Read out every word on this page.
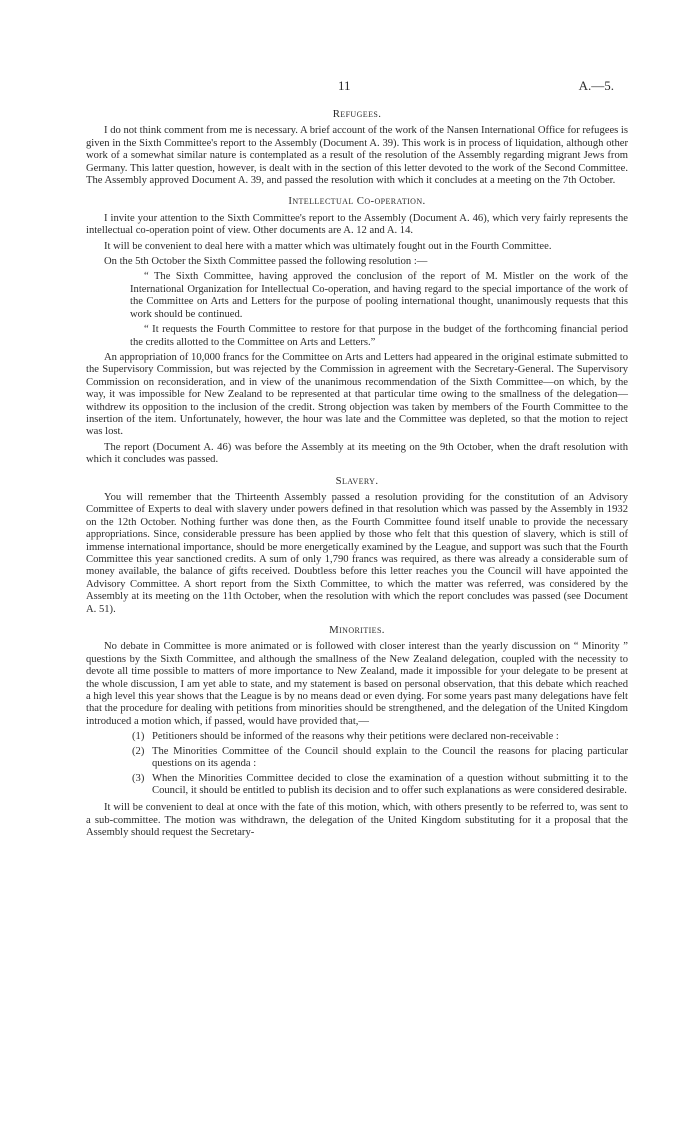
11	A.—5.
Refugees.

I do not think comment from me is necessary. A brief account of the work of the Nansen International Office for refugees is given in the Sixth Committee's report to the Assembly (Document A. 39). This work is in process of liquidation, although other work of a somewhat similar nature is contemplated as a result of the resolution of the Assembly regarding migrant Jews from Germany. This latter question, however, is dealt with in the section of this letter devoted to the work of the Second Committee. The Assembly approved Document A. 39, and passed the resolution with which it concludes at a meeting on the 7th October.

Intellectual Co-operation.

I invite your attention to the Sixth Committee's report to the Assembly (Document A. 46), which very fairly represents the intellectual co-operation point of view. Other documents are A. 12 and A. 14.

It will be convenient to deal here with a matter which was ultimately fought out in the Fourth Committee.

On the 5th October the Sixth Committee passed the following resolution :—

“ The Sixth Committee, having approved the conclusion of the report of M. Mistler on the work of the International Organization for Intellectual Co-operation, and having regard to the special importance of the work of the Committee on Arts and Letters for the purpose of pooling international thought, unanimously requests that this work should be continued.

“ It requests the Fourth Committee to restore for that purpose in the budget of the forthcoming financial period the credits allotted to the Committee on Arts and Letters.”

An appropriation of 10,000 francs for the Committee on Arts and Letters had appeared in the original estimate submitted to the Supervisory Commission, but was rejected by the Commission in agreement with the Secretary-General. The Supervisory Commission on reconsideration, and in view of the unanimous recommendation of the Sixth Committee—on which, by the way, it was impossible for New Zealand to be represented at that particular time owing to the smallness of the delegation—withdrew its opposition to the inclusion of the credit. Strong objection was taken by members of the Fourth Committee to the insertion of the item. Unfortunately, however, the hour was late and the Committee was depleted, so that the motion to reject was lost.

The report (Document A. 46) was before the Assembly at its meeting on the 9th October, when the draft resolution with which it concludes was passed.

Slavery.

You will remember that the Thirteenth Assembly passed a resolution providing for the constitution of an Advisory Committee of Experts to deal with slavery under powers defined in that resolution which was passed by the Assembly in 1932 on the 12th October. Nothing further was done then, as the Fourth Committee found itself unable to provide the necessary appropriations. Since, considerable pressure has been applied by those who felt that this question of slavery, which is still of immense international importance, should be more energetically examined by the League, and support was such that the Fourth Committee this year sanctioned credits. A sum of only 1,790 francs was required, as there was already a considerable sum of money available, the balance of gifts received. Doubtless before this letter reaches you the Council will have appointed the Advisory Committee. A short report from the Sixth Committee, to which the matter was referred, was considered by the Assembly at its meeting on the 11th October, when the resolution with which the report concludes was passed (see Document A. 51).

Minorities.

No debate in Committee is more animated or is followed with closer interest than the yearly discussion on “ Minority ” questions by the Sixth Committee, and although the smallness of the New Zealand delegation, coupled with the necessity to devote all time possible to matters of more importance to New Zealand, made it impossible for your delegate to be present at the whole discussion, I am yet able to state, and my statement is based on personal observation, that this debate which reached a high level this year shows that the League is by no means dead or even dying. For some years past many delegations have felt that the procedure for dealing with petitions from minorities should be strengthened, and the delegation of the United Kingdom introduced a motion which, if passed, would have provided that,—

(1) Petitioners should be informed of the reasons why their petitions were declared non-receivable :
(2) The Minorities Committee of the Council should explain to the Council the reasons for placing particular questions on its agenda :
(3) When the Minorities Committee decided to close the examination of a question without submitting it to the Council, it should be entitled to publish its decision and to offer such explanations as were considered desirable.

It will be convenient to deal at once with the fate of this motion, which, with others presently to be referred to, was sent to a sub-committee. The motion was withdrawn, the delegation of the United Kingdom substituting for it a proposal that the Assembly should request the Secretary-
